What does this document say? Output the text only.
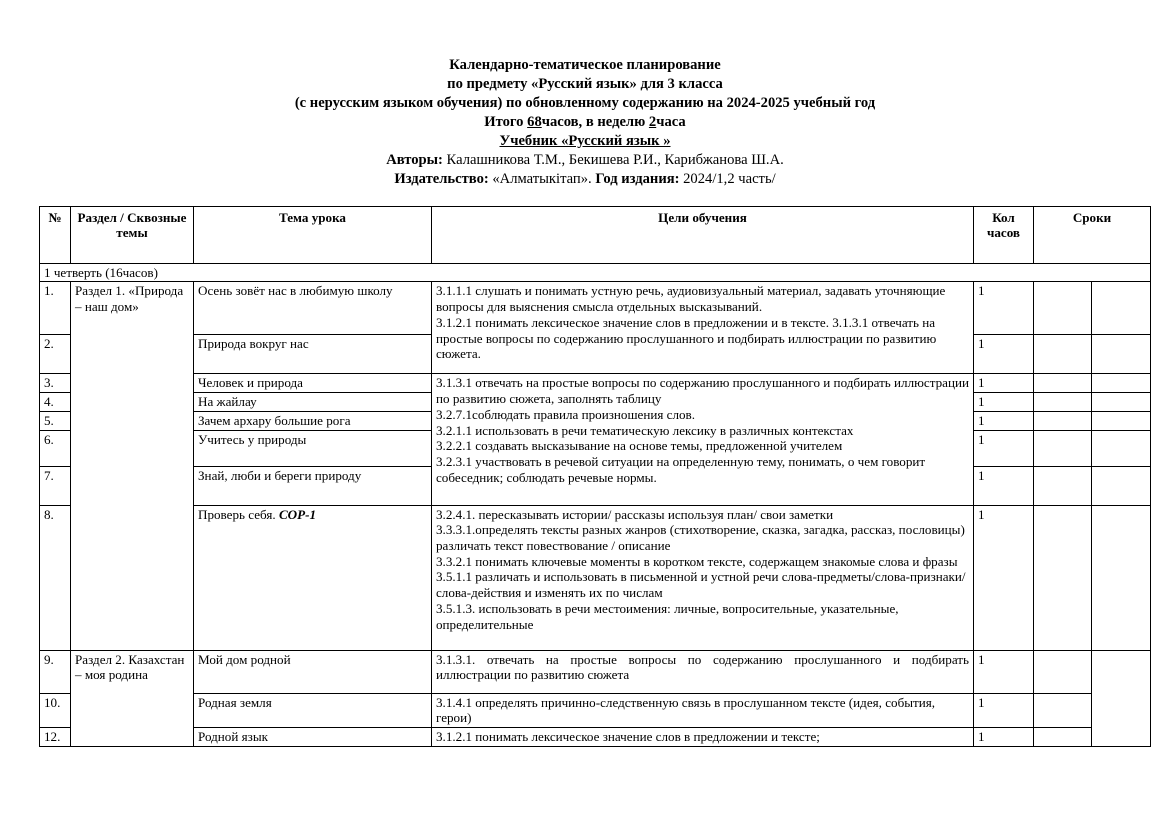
Календарно-тематическое планирование
по предмету «Русский язык» для 3 класса
(с нерусским языком обучения) по обновленному содержанию на 2024-2025 учебный год
Итого 68часов, в неделю 2часа
Учебник «Русский язык »
Авторы: Калашникова Т.М., Бекишева Р.И., Карибжанова Ш.А.
Издательство: «Алматыкiтап». Год издания: 2024/1,2 часть/
№	Раздел / Сквозные темы	Тема урока	Цели обучения	Кол часов	Сроки	
1 четверть (16часов)						
1.	Раздел 1. «Природа – наш дом»	Осень зовёт нас в любимую школу	3.1.1.1 слушать и понимать устную речь, аудиовизуальный материал, задавать уточняющие вопросы для выяснения смысла отдельных высказываний.
3.1.2.1 понимать лексическое значение слов в предложении и в тексте. 3.1.3.1 отвечать на простые вопросы по содержанию прослушанного и подбирать иллюстрации по развитию сюжета.	1		
2.		Природа вокруг нас		1		
3.		Человек и природа	3.1.3.1 отвечать на простые вопросы по содержанию прослушанного и подбирать иллюстрации по развитию сюжета, заполнять таблицу
3.2.7.1соблюдать правила произношения слов.
3.2.1.1 использовать в речи тематическую лексику в различных контекстах
3.2.2.1 создавать высказывание на основе темы, предложенной учителем
3.2.3.1 участвовать в речевой ситуации на определенную тему, понимать, о чем говорит собеседник; соблюдать речевые нормы.	1		
4.		На жайлау		1		
5.		Зачем архару большие рога		1		
6.		Учитесь у природы		1		
7.		Знай, люби и береги природу		1		
8.		Проверь себя. СОР-1	3.2.4.1. пересказывать истории/ рассказы используя план/ свои заметки
3.3.3.1.определять тексты разных жанров (стихотворение, сказка, загадка, рассказ, пословицы) различать текст повествование / описание
3.3.2.1 понимать ключевые моменты в коротком тексте, содержащем знакомые слова и фразы
3.5.1.1 различать и использовать в письменной и устной речи слова-предметы/слова-признаки/ слова-действия и изменять их по числам
3.5.1.3. использовать в речи местоимения: личные, вопросительные, указательные, определительные	1		
9.	Раздел 2. Казахстан – моя родина	Мой дом родной	3.1.3.1. отвечать на простые вопросы по содержанию прослушанного и подбирать иллюстрации по развитию сюжета	1		
10.		Родная земля	3.1.4.1 определять причинно-следственную связь в прослушанном тексте (идея, события, герои)	1		
12.		Родной язык	3.1.2.1 понимать лексическое значение слов в предложении и тексте;	1		
